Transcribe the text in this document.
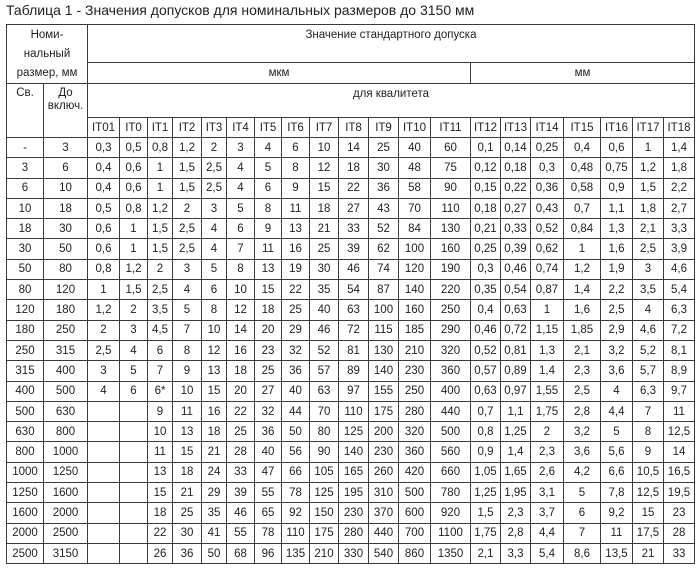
Таблица 1 - Значения допусков для номинальных размеров до 3150 мм
Номи-
нальный
размер, мм		Значение стандартного допуска																			
		мкм													мм						
Св.	До
включ.	для квалитета																			
		IT01	IT0	IT1	IT2	IT3	IT4	IT5	IT6	IT7	IT8	IT9	IT10	IT11	IT12	IT13	IT14	IT15	IT16	IT17	IT18
-	3	0,3	0,5	0,8	1,2	2	3	4	6	10	14	25	40	60	0,1	0,14	0,25	0,4	0,6	1	1,4
3	6	0,4	0,6	1	1,5	2,5	4	5	8	12	18	30	48	75	0,12	0,18	0,3	0,48	0,75	1,2	1,8
6	10	0,4	0,6	1	1,5	2,5	4	6	9	15	22	36	58	90	0,15	0,22	0,36	0,58	0,9	1,5	2,2
10	18	0,5	0,8	1,2	2	3	5	8	11	18	27	43	70	110	0,18	0,27	0,43	0,7	1,1	1,8	2,7
18	30	0,6	1	1,5	2,5	4	6	9	13	21	33	52	84	130	0,21	0,33	0,52	0,84	1,3	2,1	3,3
30	50	0,6	1	1,5	2,5	4	7	11	16	25	39	62	100	160	0,25	0,39	0,62	1	1,6	2,5	3,9
50	80	0,8	1,2	2	3	5	8	13	19	30	46	74	120	190	0,3	0,46	0,74	1,2	1,9	3	4,6
80	120	1	1,5	2,5	4	6	10	15	22	35	54	87	140	220	0,35	0,54	0,87	1,4	2,2	3,5	5,4
120	180	1,2	2	3,5	5	8	12	18	25	40	63	100	160	250	0,4	0,63	1	1,6	2,5	4	6,3
180	250	2	3	4,5	7	10	14	20	29	46	72	115	185	290	0,46	0,72	1,15	1,85	2,9	4,6	7,2
250	315	2,5	4	6	8	12	16	23	32	52	81	130	210	320	0,52	0,81	1,3	2,1	3,2	5,2	8,1
315	400	3	5	7	9	13	18	25	36	57	89	140	230	360	0,57	0,89	1,4	2,3	3,6	5,7	8,9
400	500	4	6	6*	10	15	20	27	40	63	97	155	250	400	0,63	0,97	1,55	2,5	4	6,3	9,7
500	630			9	11	16	22	32	44	70	110	175	280	440	0,7	1,1	1,75	2,8	4,4	7	11
630	800			10	13	18	25	36	50	80	125	200	320	500	0,8	1,25	2	3,2	5	8	12,5
800	1000			11	15	21	28	40	56	90	140	230	360	560	0,9	1,4	2,3	3,6	5,6	9	14
1000	1250			13	18	24	33	47	66	105	165	260	420	660	1,05	1,65	2,6	4,2	6,6	10,5	16,5
1250	1600			15	21	29	39	55	78	125	195	310	500	780	1,25	1,95	3,1	5	7,8	12,5	19,5
1600	2000			18	25	35	46	65	92	150	230	370	600	920	1,5	2,3	3,7	6	9,2	15	23
2000	2500			22	30	41	55	78	110	175	280	440	700	1100	1,75	2,8	4,4	7	11	17,5	28
2500	3150			26	36	50	68	96	135	210	330	540	860	1350	2,1	3,3	5,4	8,6	13,5	21	33
